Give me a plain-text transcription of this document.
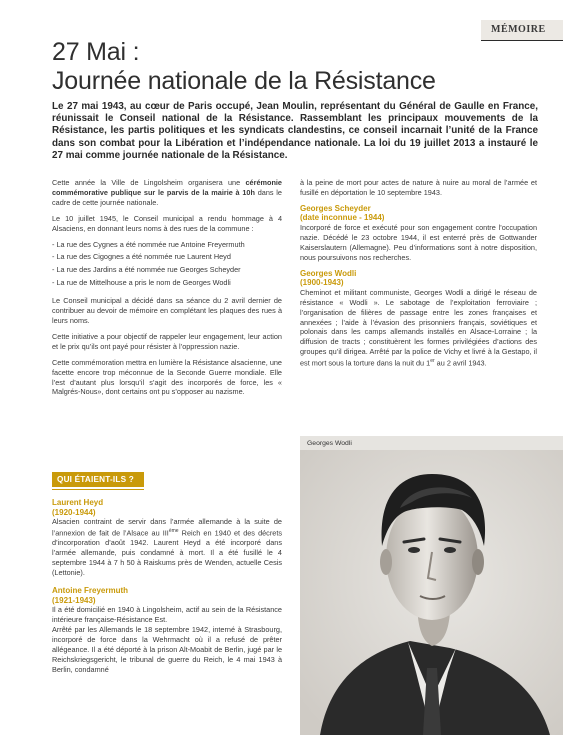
MÉMOIRE
27 Mai :
Journée nationale de la Résistance

Le 27 mai 1943, au cœur de Paris occupé, Jean Moulin, représentant du Général de Gaulle en France, réunissait le Conseil national de la Résistance. Rassemblant les principaux mouvements de la Résistance, les partis politiques et les syndicats clandestins, ce conseil incarnait l’unité de la France dans son combat pour la Libération et l’indépendance nationale. La loi du 19 juillet 2013 a instauré le 27 mai comme journée nationale de la Résistance.

Cette année la Ville de Lingolsheim organisera une cérémonie commémorative publique sur le parvis de la mairie à 10h dans le cadre de cette journée nationale.

Le 10 juillet 1945, le Conseil municipal a rendu hommage à 4 Alsaciens, en donnant leurs noms à des rues de la commune :

- La rue des Cygnes a été nommée rue Antoine Freyermuth
- La rue des Cigognes a été nommée rue Laurent Heyd
- La rue des Jardins a été nommée rue Georges Scheyder
- La rue de Mittelhouse a pris le nom de Georges Wodli

Le Conseil municipal a décidé dans sa séance du 2 avril dernier de contribuer au devoir de mémoire en complétant les plaques des rues à leurs noms.

Cette initiative a pour objectif de rappeler leur engagement, leur action et le prix qu’ils ont payé pour résister à l’oppression nazie.

Cette commémoration mettra en lumière la Résistance alsacienne, une facette encore trop méconnue de la Seconde Guerre mondiale. Elle l’est d’autant plus lorsqu’il s’agit des incorporés de force, les « Malgrés-Nous», dont certains ont pu s’opposer au nazisme.

à la peine de mort pour actes de nature à nuire au moral de l’armée et fusillé en déportation le 10 septembre 1943.

Georges Scheyder
(date inconnue - 1944)

Incorporé de force et exécuté pour son engagement contre l’occupation nazie. Décédé le 23 octobre 1944, il est enterré près de Gottwander Kaiserslautern (Allemagne). Peu d’informations sont à notre disposition, nous poursuivons nos recherches.

Georges Wodli
(1900-1943)

Cheminot et militant communiste, Georges Wodli a dirigé le réseau de résistance « Wodli ». Le sabotage de l’exploitation ferroviaire ; l’organisation de filières de passage entre les zones françaises et annexées ; l’aide à l’évasion des prisonniers français, soviétiques et polonais dans les camps allemands installés en Alsace-Lorraine ; la diffusion de tracts ; constituèrent les formes privilégiées d’actions des groupes qu’il dirigea. Arrêté par la police de Vichy et livré à la Gestapo, il est mort sous la torture dans la nuit du 1er au 2 avril 1943.

QUI ÉTAIENT-ILS ?
Laurent Heyd
(1920-1944)

Alsacien contraint de servir dans l’armée allemande à la suite de l’annexion de fait de l’Alsace au IIIème Reich en 1940 et des décrets d’incorporation d’août 1942. Laurent Heyd a été incorporé dans l’armée allemande, puis condamné à mort. Il a été fusillé le 4 septembre 1944 à 7 h 50 à Raiskums près de Wenden, actuelle Cesis (Lettonie).

Antoine Freyermuth
(1921-1943)

Il a été domicilié en 1940 à Lingolsheim, actif au sein de la Résistance intérieure française-Résistance Est.

Arrêté par les Allemands le 18 septembre 1942, interné à Strasbourg, incorporé de force dans la Wehrmacht où il a refusé de prêter allégeance. Il a été déporté à la prison Alt-Moabit de Berlin, jugé par le Reichskriegsgericht, le tribunal de guerre du Reich, le 4 mai 1943 à Berlin, condamné

Georges Wodli
